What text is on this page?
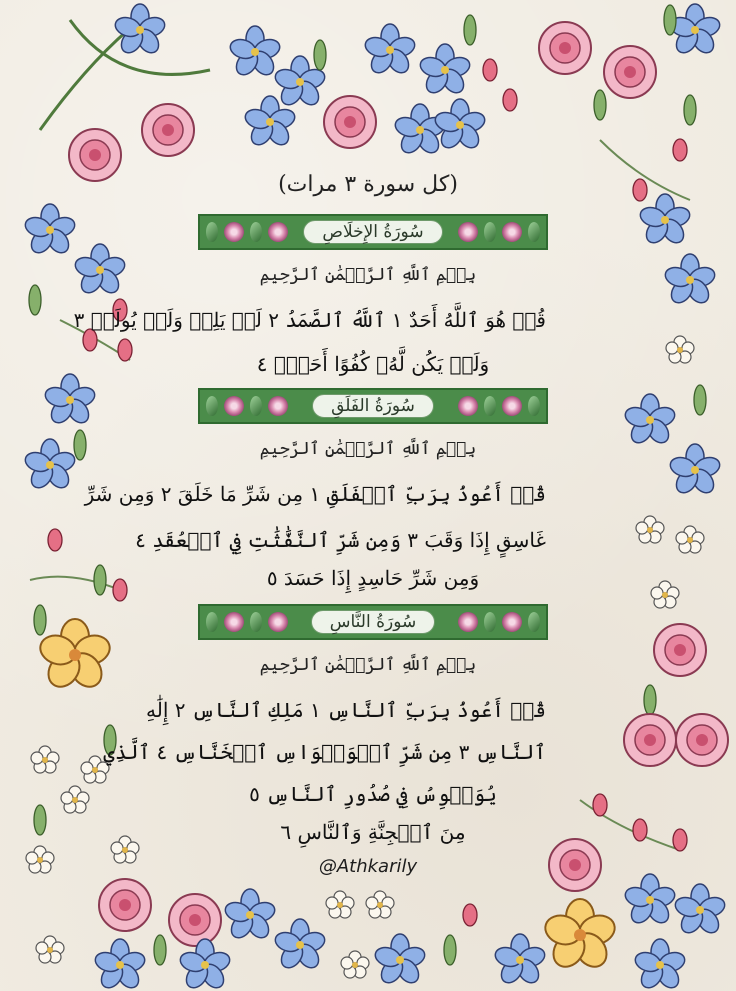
(كل سورة ٣ مرات)
سُورَةُ الإِخلَاصِ
بِسۡمِ ٱللَّهِ ٱلرَّحۡمَٰنِ ٱلرَّحِيمِ
قُلۡ هُوَ ٱللَّهُ أَحَدٌ ١ ٱللَّهُ ٱلصَّمَدُ ٢ لَمۡ يَلِدۡ وَلَمۡ يُولَدۡ ٣
وَلَمۡ يَكُن لَّهُۥ كُفُوًا أَحَدُۢ ٤
سُورَةُ الفَلَقِ
بِسۡمِ ٱللَّهِ ٱلرَّحۡمَٰنِ ٱلرَّحِيمِ
قُلۡ أَعُوذُ بِرَبِّ ٱلۡفَلَقِ ١ مِن شَرِّ مَا خَلَقَ ٢ وَمِن شَرِّ
غَاسِقٍ إِذَا وَقَبَ ٣ وَمِن شَرِّ ٱلنَّفَّٰثَٰتِ فِي ٱلۡعُقَدِ ٤
وَمِن شَرِّ حَاسِدٍ إِذَا حَسَدَ ٥
سُورَةُ النَّاسِ
بِسۡمِ ٱللَّهِ ٱلرَّحۡمَٰنِ ٱلرَّحِيمِ
قُلۡ أَعُوذُ بِرَبِّ ٱلنَّاسِ ١ مَلِكِ ٱلنَّاسِ ٢ إِلَٰهِ
ٱلنَّاسِ ٣ مِن شَرِّ ٱلۡوَسۡوَاسِ ٱلۡخَنَّاسِ ٤ ٱلَّذِي
يُوَسۡوِسُ فِي صُدُورِ ٱلنَّاسِ ٥
مِنَ ٱلۡجِنَّةِ وَٱلنَّاسِ ٦
@Athkarily
